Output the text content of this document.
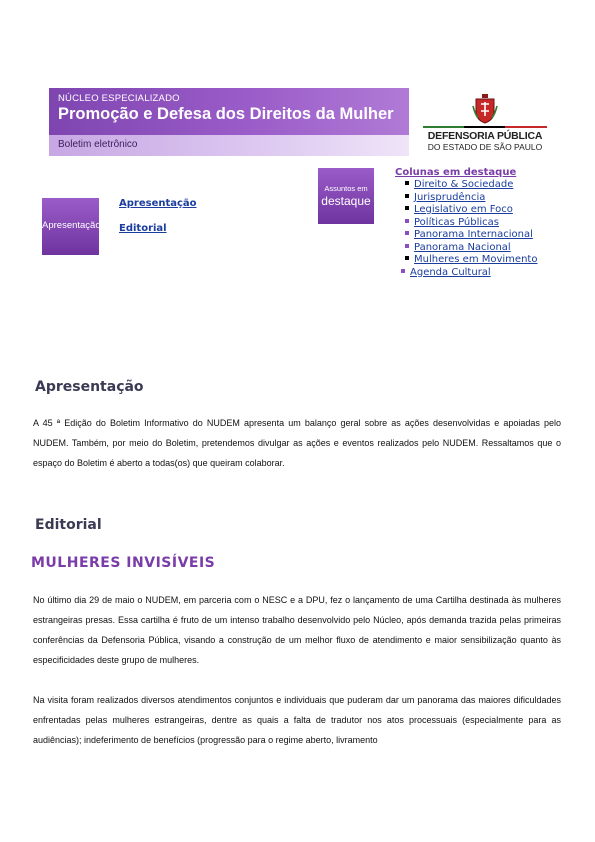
NÚCLEO ESPECIALIZADO
Promoção e Defesa dos Direitos da Mulher
Boletim eletrônico
DEFENSORIA PÚBLICA
DO ESTADO DE SÃO PAULO
Apresentação
Apresentação
Editorial
Assuntos em
destaque
Colunas em destaque
Direito & Sociedade
Jurisprudência
Legislativo em Foco
Políticas Públicas
Panorama Internacional
Panorama Nacional
Mulheres em Movimento
Agenda Cultural
Apresentação
A 45 ª Edição do Boletim Informativo do NUDEM apresenta um balanço geral sobre as ações desenvolvidas e apoiadas pelo NUDEM. Também, por meio do Boletim, pretendemos divulgar as ações e eventos realizados pelo NUDEM. Ressaltamos que o espaço do Boletim é aberto a todas(os) que queiram colaborar.
Editorial
MULHERES INVISÍVEIS
No último dia 29 de maio o NUDEM, em parceria com o NESC e a DPU, fez o lançamento de uma Cartilha destinada às mulheres estrangeiras presas. Essa cartilha é fruto de um intenso trabalho desenvolvido pelo Núcleo, após demanda trazida pelas primeiras conferências da Defensoria Pública, visando a construção de um melhor fluxo de atendimento e maior sensibilização quanto às especificidades deste grupo de mulheres.
Na visita foram realizados diversos atendimentos conjuntos e individuais que puderam dar um panorama das maiores dificuldades enfrentadas pelas mulheres estrangeiras, dentre as quais a falta de tradutor nos atos processuais (especialmente para as audiências); indeferimento de benefícios (progressão para o regime aberto, livramento
